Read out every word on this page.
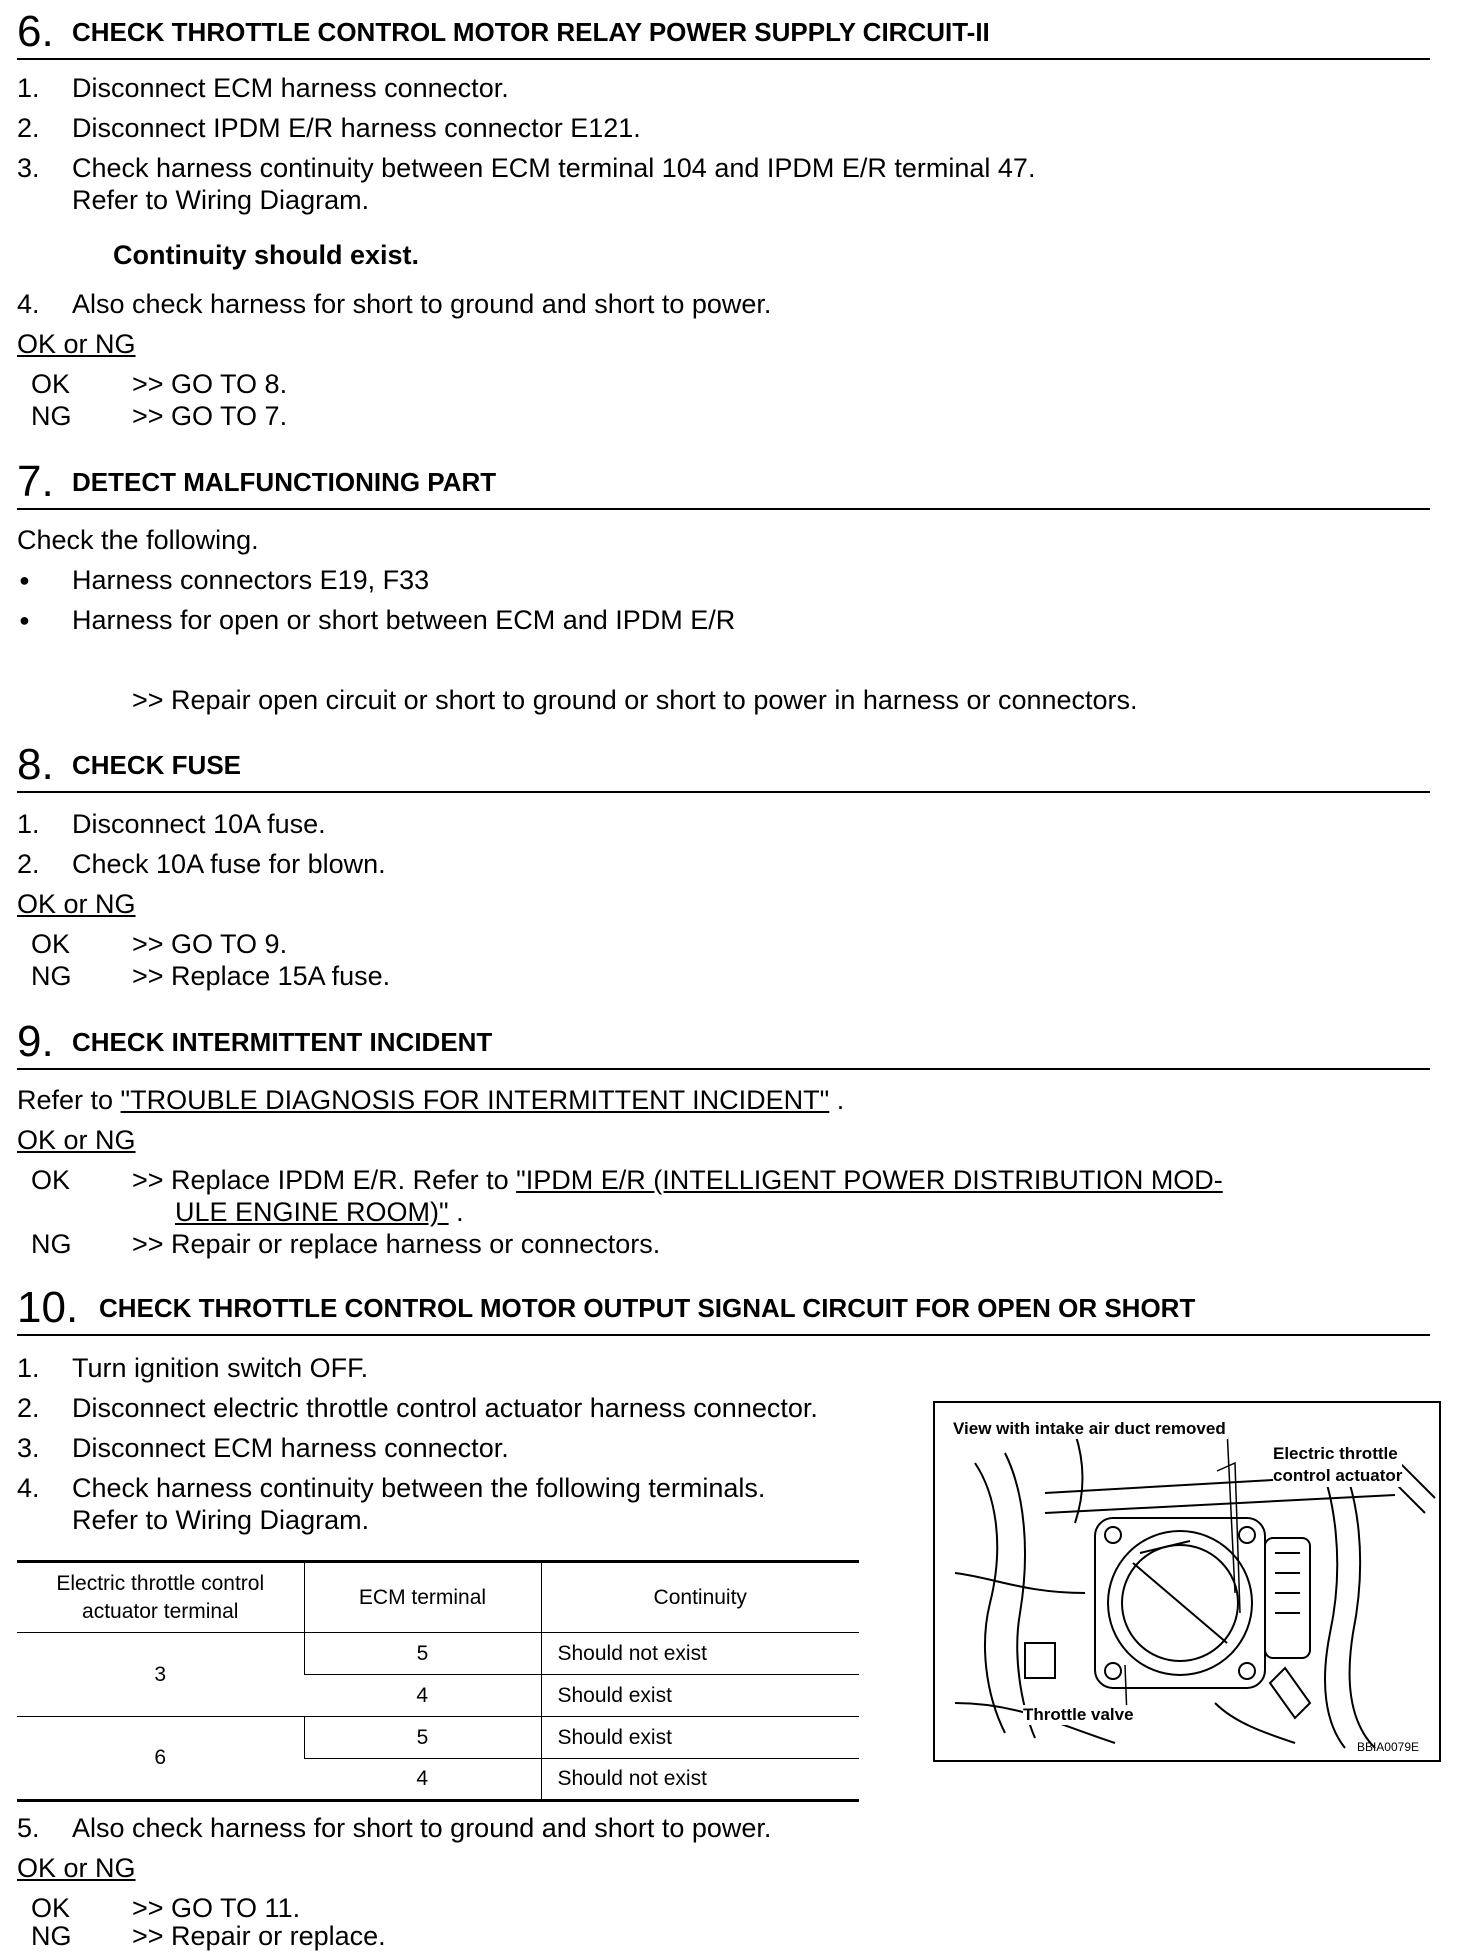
6. CHECK THROTTLE CONTROL MOTOR RELAY POWER SUPPLY CIRCUIT-II
1. Disconnect ECM harness connector.
2. Disconnect IPDM E/R harness connector E121.
3. Check harness continuity between ECM terminal 104 and IPDM E/R terminal 47.
Refer to Wiring Diagram.
Continuity should exist.
4. Also check harness for short to ground and short to power.
OK or NG
OK >> GO TO 8.
NG >> GO TO 7.
7. DETECT MALFUNCTIONING PART
Check the following.
● Harness connectors E19, F33
● Harness for open or short between ECM and IPDM E/R
>> Repair open circuit or short to ground or short to power in harness or connectors.
8. CHECK FUSE
1. Disconnect 10A fuse.
2. Check 10A fuse for blown.
OK or NG
OK >> GO TO 9.
NG >> Replace 15A fuse.
9. CHECK INTERMITTENT INCIDENT
Refer to "TROUBLE DIAGNOSIS FOR INTERMITTENT INCIDENT" .
OK or NG
OK >> Replace IPDM E/R. Refer to "IPDM E/R (INTELLIGENT POWER DISTRIBUTION MOD-
ULE ENGINE ROOM)" .
NG >> Repair or replace harness or connectors.
10. CHECK THROTTLE CONTROL MOTOR OUTPUT SIGNAL CIRCUIT FOR OPEN OR SHORT
1. Turn ignition switch OFF.
2. Disconnect electric throttle control actuator harness connector.
3. Disconnect ECM harness connector.
4. Check harness continuity between the following terminals.
Refer to Wiring Diagram.
Electric throttle control
actuator terminal	ECM terminal	Continuity
3	5	Should not exist
	4	Should exist
6	5	Should exist
	4	Should not exist
5. Also check harness for short to ground and short to power.
OK or NG
OK >> GO TO 11.
NG >> Repair or replace.
View with intake air duct removed
Electric throttle
control actuator
Throttle valve
BBIA0079E
